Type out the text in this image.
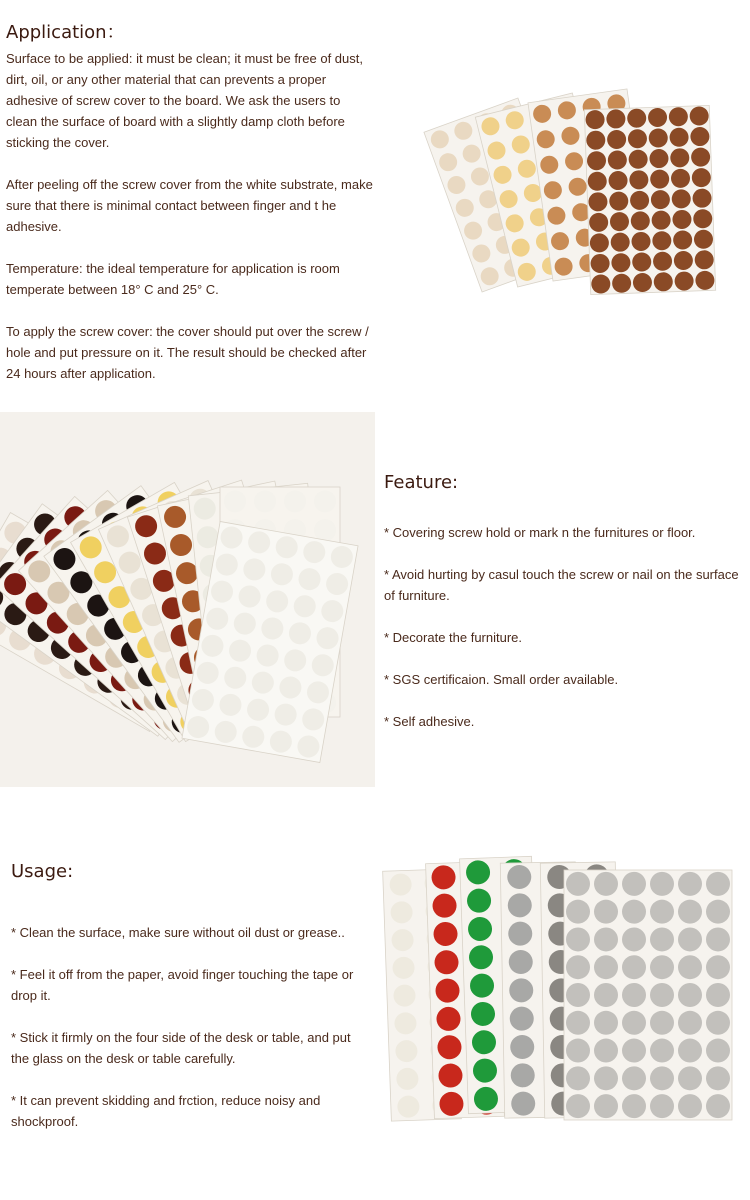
Application：

Surface to be applied: it must be clean; it must be free of dust, dirt, oil, or any other material that can prevents a proper adhesive of screw cover to the board. We ask the users to clean the surface of board with a slightly damp cloth before sticking the cover.

After peeling off the screw cover from the white substrate, make sure that there is minimal contact between finger and t he adhesive.

Temperature: the ideal temperature for application is room temperate between 18° C and 25° C.

To apply the screw cover: the cover should put over the screw / hole and put pressure on it. The result should be checked after 24 hours after application.

Feature:

* Covering screw hold or mark n the furnitures or floor.

* Avoid hurting by casul touch the screw or nail on the surface of furniture.

* Decorate the furniture.

* SGS certificaion. Small order available.

* Self adhesive.

Usage:

* Clean the surface, make sure without oil dust or grease..

* Feel it off from the paper, avoid finger touching the tape or drop it.

* Stick it firmly on the four side of the desk or table, and put the glass on the desk or table carefully.

* It can prevent skidding and frction, reduce noisy and shockproof.
